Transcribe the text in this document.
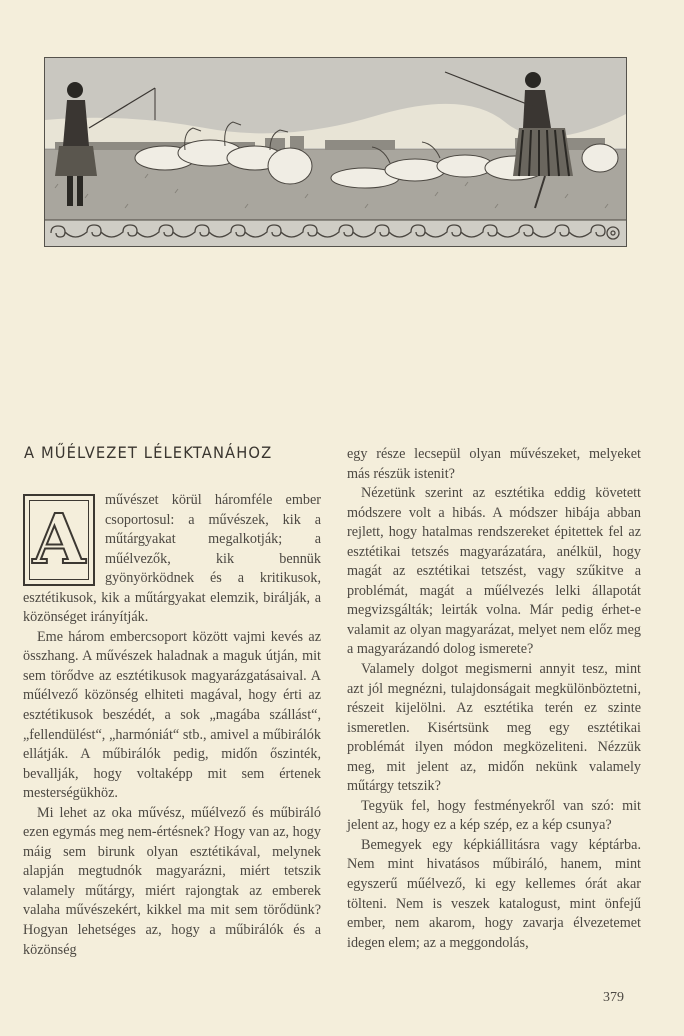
A MŰÉLVEZET LÉLEKTANÁHOZ
A	művészet körül háromféle ember csoportosul: a művészek, kik a műtárgyakat megalkotják; a műélvezők, kik bennük gyönyörködnek és a kritikusok, esztétikusok, kik a műtárgyakat elemzik, birálják, a közönséget irányítják.

Eme három embercsoport között vajmi kevés az összhang. A művészek haladnak a maguk útján, mit sem törődve az esztétikusok magyarázgatásaival. A műélvező közönség elhiteti magával, hogy érti az esztétikusok beszédét, a sok „magába szállást“, „fellendülést“, „harmóniát“ stb., amivel a műbirálók ellátják. A műbirálók pedig, midőn őszinték, bevallják, hogy voltaképp mit sem értenek mesterségükhöz.

Mi lehet az oka művész, műélvező és műbiráló ezen egymás meg nem-értésnek? Hogy van az, hogy máig sem birunk olyan esztétikával, melynek alapján megtudnók magyarázni, miért tetszik valamely műtárgy, miért rajongtak az emberek valaha művészekért, kikkel ma mit sem törődünk? Hogyan lehetséges az, hogy a műbirálók és a közönség

egy része lecsepül olyan művészeket, melyeket más részük istenit?

Nézetünk szerint az esztétika eddig követett módszere volt a hibás. A módszer hibája abban rejlett, hogy hatalmas rendszereket épitettek fel az esztétikai tetszés magyarázatára, anélkül, hogy magát az esztétikai tetszést, vagy szűkitve a problémát, magát a műélvezés lelki állapotát megvizsgálták; leirták volna. Már pedig érhet-e valamit az olyan magyarázat, melyet nem előz meg a magyarázandó dolog ismerete?

Valamely dolgot megismerni annyit tesz, mint azt jól megnézni, tulajdonságait megkülönböztetni, részeit kijelölni. Az esztétika terén ez szinte ismeretlen. Kisértsünk meg egy esztétikai problémát ilyen módon megközeliteni. Nézzük meg, mit jelent az, midőn nekünk valamely műtárgy tetszik?

Tegyük fel, hogy festményekről van szó: mit jelent az, hogy ez a kép szép, ez a kép csunya?

Bemegyek egy képkiállitásra vagy képtárba. Nem mint hivatásos műbiráló, hanem, mint egyszerű műélvező, ki egy kellemes órát akar tölteni. Nem is veszek katalogust, mint önfejű ember, nem akarom, hogy zavarja élvezetemet idegen elem; az a meggondolás,

379
